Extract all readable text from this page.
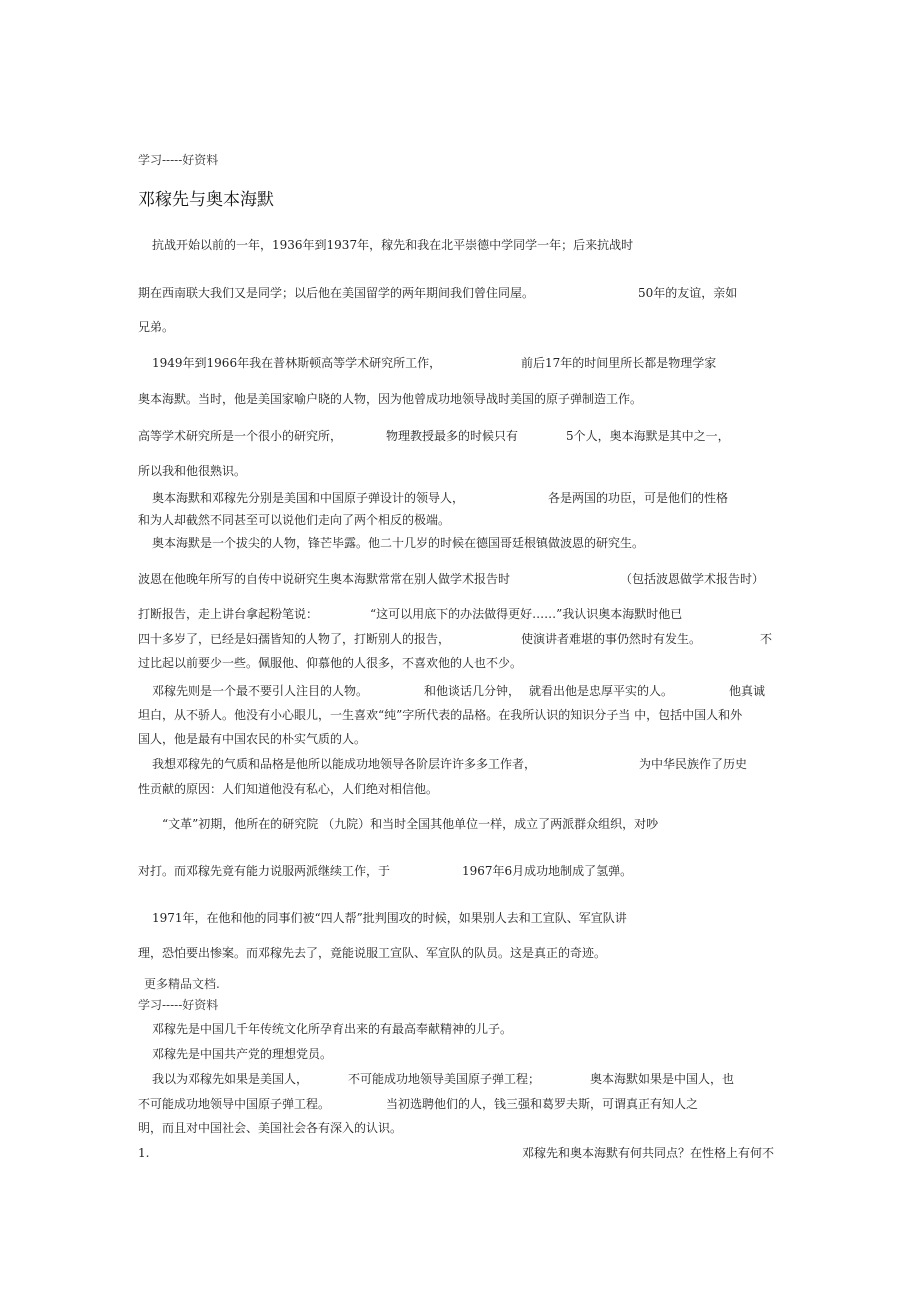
学习-----好资料
邓稼先与奥本海默
抗战开始以前的一年，1936年到1937年，稼先和我在北平崇德中学同学一年；后来抗战时
期在西南联大我们又是同学；以后他在美国留学的两年期间我们曾住同屋。	50年的友谊，亲如
兄弟。
1949年到1966年我在普林斯顿高等学术研究所工作，	前后17年的时间里所长都是物理学家
奥本海默。当时，他是美国家喻户晓的人物，因为他曾成功地领导战时美国的原子弹制造工作。
高等学术研究所是一个很小的研究所，	物理教授最多的时候只有	5个人，奥本海默是其中之一，
所以我和他很熟识。
奥本海默和邓稼先分别是美国和中国原子弹设计的领导人，	各是两国的功臣，可是他们的性格
和为人却截然不同甚至可以说他们走向了两个相反的极端。
奥本海默是一个拔尖的人物，锋芒毕露。他二十几岁的时候在德国哥廷根镇做波恩的研究生。
波恩在他晚年所写的自传中说研究生奥本海默常常在别人做学术报告时	（包括波恩做学术报告时）
打断报告，走上讲台拿起粉笔说：	“这可以用底下的办法做得更好……”我认识奥本海默时他已
四十多岁了，已经是妇孺皆知的人物了，打断别人的报告，	使演讲者难堪的事仍然时有发生。	不
过比起以前要少一些。佩服他、仰慕他的人很多，不喜欢他的人也不少。
邓稼先则是一个最不要引人注目的人物。	和他谈话几分钟， 就看出他是忠厚平实的人。	他真诚
坦白，从不骄人。他没有小心眼儿，一生喜欢“纯”字所代表的品格。在我所认识的知识分子当 中，包括中国人和外
国人，他是最有中国农民的朴实气质的人。
我想邓稼先的气质和品格是他所以能成功地领导各阶层许许多多工作者，	为中华民族作了历史
性贡献的原因：人们知道他没有私心，人们绝对相信他。
“文革”初期，他所在的研究院 （九院）和当时全国其他单位一样，成立了两派群众组织，对吵
对打。而邓稼先竟有能力说服两派继续工作，于	1967年6月成功地制成了氢弹。
1971年，在他和他的同事们被“四人帮”批判围攻的时候，如果别人去和工宣队、军宣队讲
理，恐怕要出惨案。而邓稼先去了，竟能说服工宣队、军宣队的队员。这是真正的奇迹。
更多精品文档.
学习-----好资料
邓稼先是中国几千年传统文化所孕育出来的有最高奉献精神的儿子。
邓稼先是中国共产党的理想党员。
我以为邓稼先如果是美国人，	不可能成功地领导美国原子弹工程；	奥本海默如果是中国人，也
不可能成功地领导中国原子弹工程。	当初选聘他们的人，钱三强和葛罗夫斯，可谓真正有知人之
明，而且对中国社会、美国社会各有深入的认识。
1.	邓稼先和奥本海默有何共同点？在性格上有何不
